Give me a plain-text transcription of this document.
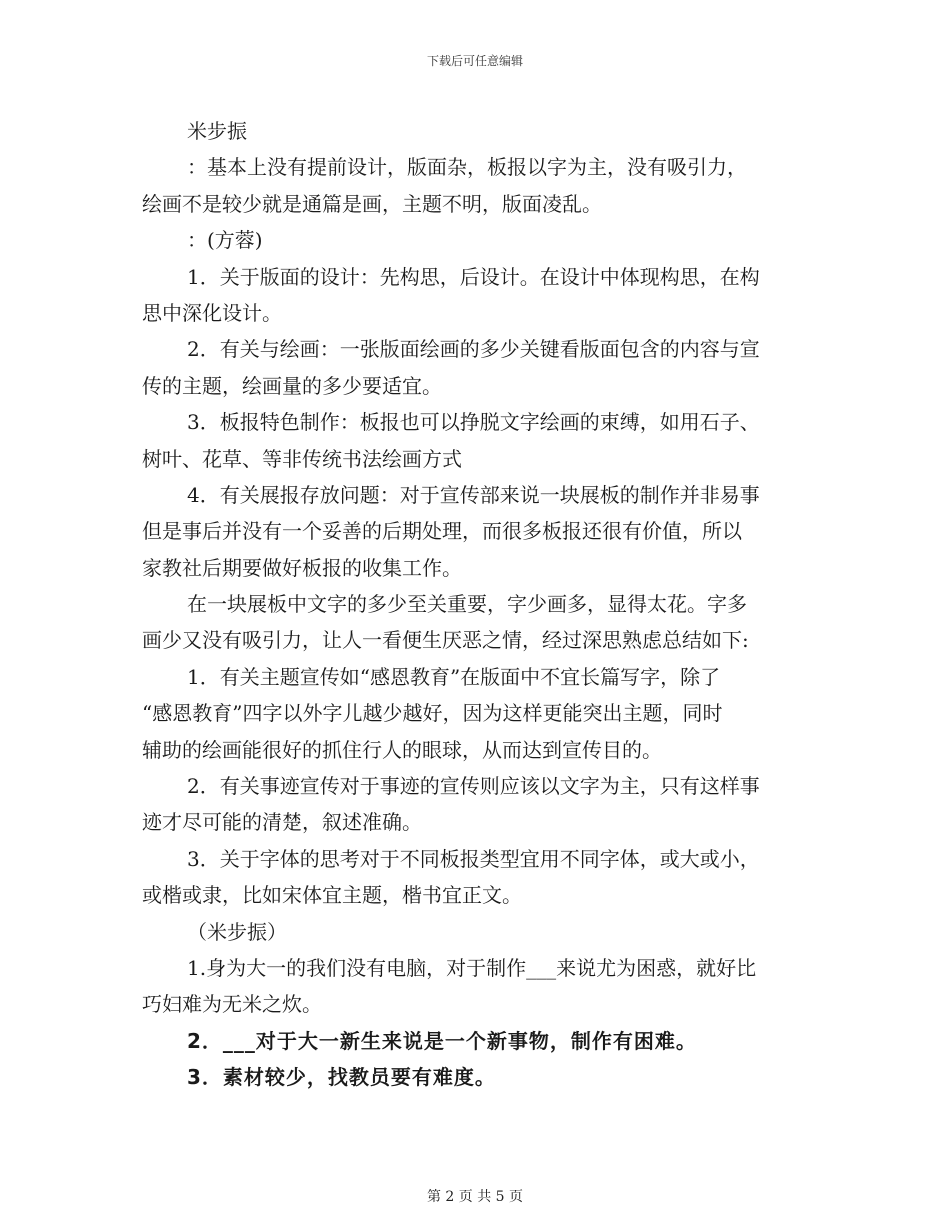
下载后可任意编辑
米步振
：基本上没有提前设计，版面杂，板报以字为主，没有吸引力，
绘画不是较少就是通篇是画，主题不明，版面凌乱。
：(方蓉)
1．关于版面的设计：先构思，后设计。在设计中体现构思，在构
思中深化设计。
2．有关与绘画：一张版面绘画的多少关键看版面包含的内容与宣
传的主题，绘画量的多少要适宜。
3．板报特色制作：板报也可以挣脱文字绘画的束缚，如用石子、
树叶、花草、等非传统书法绘画方式
4．有关展报存放问题：对于宣传部来说一块展板的制作并非易事
但是事后并没有一个妥善的后期处理，而很多板报还很有价值，所以
家教社后期要做好板报的收集工作。
在一块展板中文字的多少至关重要，字少画多，显得太花。字多
画少又没有吸引力，让人一看便生厌恶之情，经过深思熟虑总结如下:
1．有关主题宣传如“感恩教育”在版面中不宜长篇写字，除了
“感恩教育”四字以外字儿越少越好，因为这样更能突出主题，同时
辅助的绘画能很好的抓住行人的眼球，从而达到宣传目的。
2．有关事迹宣传对于事迹的宣传则应该以文字为主，只有这样事
迹才尽可能的清楚，叙述准确。
3．关于字体的思考对于不同板报类型宜用不同字体，或大或小，
或楷或隶，比如宋体宜主题，楷书宜正文。
（米步振）
1.身为大一的我们没有电脑，对于制作___来说尤为困惑，就好比
巧妇难为无米之炊。
2．___对于大一新生来说是一个新事物，制作有困难。
3．素材较少，找教员要有难度。
第 2 页 共 5 页
